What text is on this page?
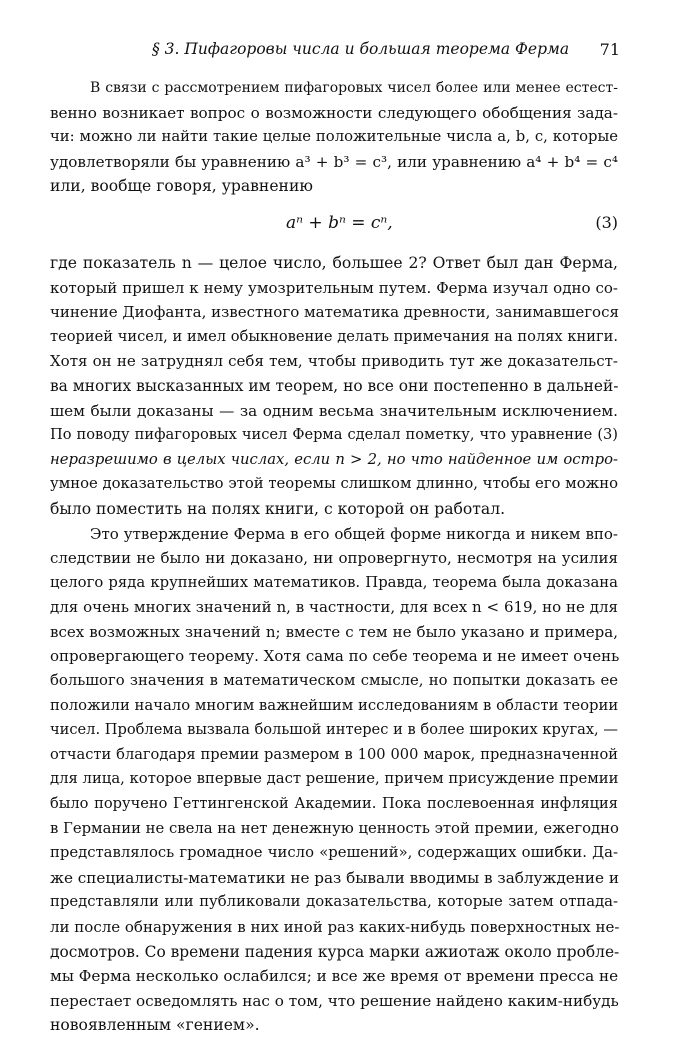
§ 3. Пифагоровы числа и большая теорема Ферма 71
В связи с рассмотрением пифагоровых чисел более или менее естест-
венно возникает вопрос о возможности следующего обобщения зада-
чи: можно ли найти такие целые положительные числа a, b, c, которые
удовлетворяли бы уравнению a³ + b³ = c³, или уравнению a⁴ + b⁴ = c⁴
или, вообще говоря, уравнению
aⁿ + bⁿ = cⁿ,	(3)
где показатель n — целое число, большее 2? Ответ был дан Ферма,
который пришел к нему умозрительным путем. Ферма изучал одно со-
чинение Диофанта, известного математика древности, занимавшегося
теорией чисел, и имел обыкновение делать примечания на полях книги.
Хотя он не затруднял себя тем, чтобы приводить тут же доказательст-
ва многих высказанных им теорем, но все они постепенно в дальней-
шем были доказаны — за одним весьма значительным исключением.
По поводу пифагоровых чисел Ферма сделал пометку, что уравнение (3)
неразрешимо в целых числах, если n > 2, но что найденное им остро-
умное доказательство этой теоремы слишком длинно, чтобы его можно
было поместить на полях книги, с которой он работал.
Это утверждение Ферма в его общей форме никогда и никем впо-
следствии не было ни доказано, ни опровергнуто, несмотря на усилия
целого ряда крупнейших математиков. Правда, теорема была доказана
для очень многих значений n, в частности, для всех n < 619, но не для
всех возможных значений n; вместе с тем не было указано и примера,
опровергающего теорему. Хотя сама по себе теорема и не имеет очень
большого значения в математическом смысле, но попытки доказать ее
положили начало многим важнейшим исследованиям в области теории
чисел. Проблема вызвала большой интерес и в более широких кругах, —
отчасти благодаря премии размером в 100 000 марок, предназначенной
для лица, которое впервые даст решение, причем присуждение премии
было поручено Геттингенской Академии. Пока послевоенная инфляция
в Германии не свела на нет денежную ценность этой премии, ежегодно
представлялось громадное число «решений», содержащих ошибки. Да-
же специалисты-математики не раз бывали вводимы в заблуждение и
представляли или публиковали доказательства, которые затем отпада-
ли после обнаружения в них иной раз каких-нибудь поверхностных не-
досмотров. Со времени падения курса марки ажиотаж около пробле-
мы Ферма несколько ослабился; и все же время от времени пресса не
перестает осведомлять нас о том, что решение найдено каким-нибудь
новоявленным «гением».
